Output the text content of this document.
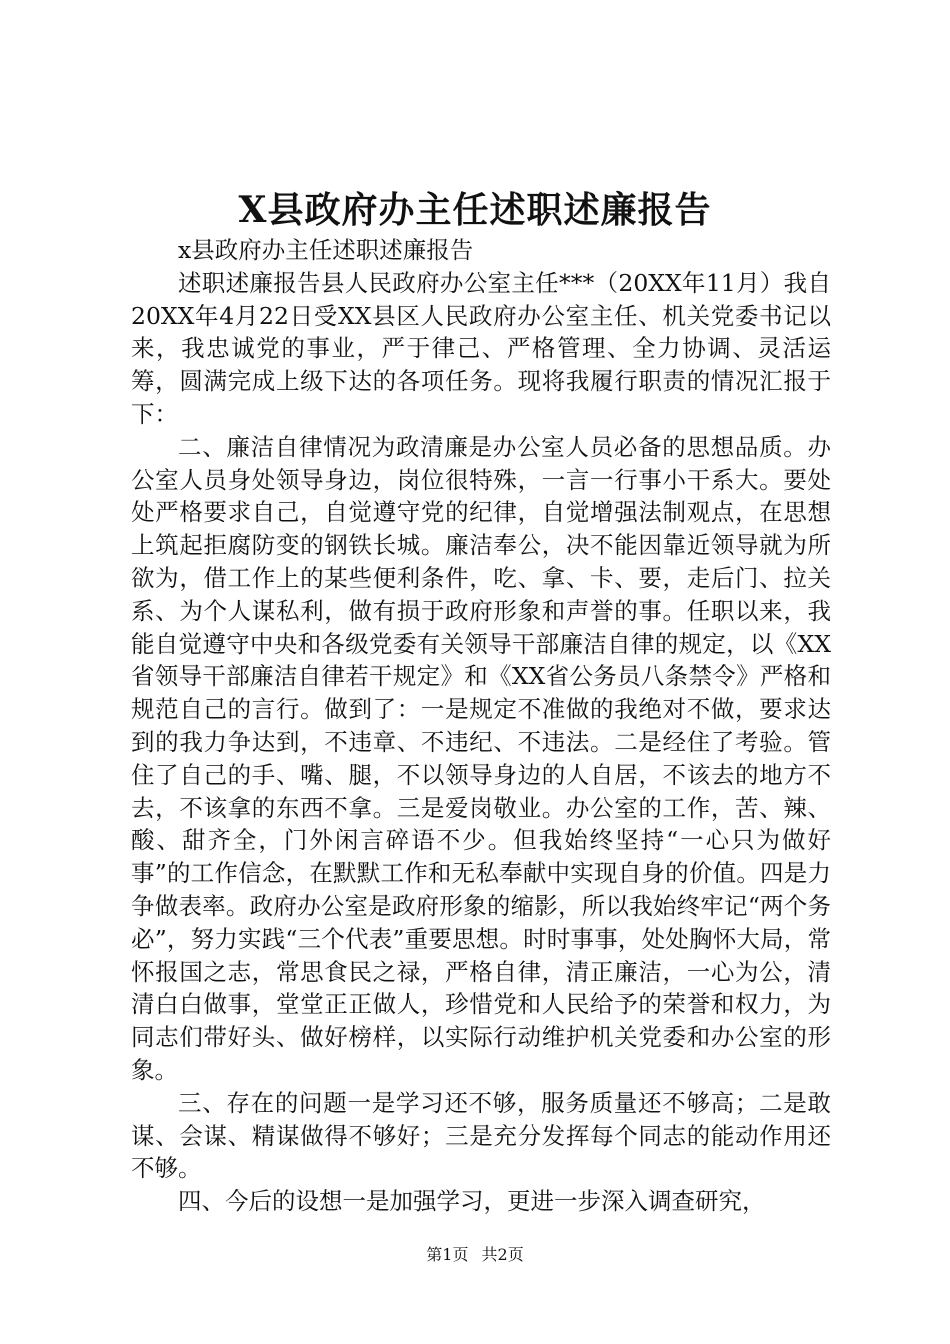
X县政府办主任述职述廉报告

x县政府办主任述职述廉报告

述职述廉报告县人民政府办公室主任***（20XX年11月）我自20XX年4月22日受XX县区人民政府办公室主任、机关党委书记以来，我忠诚党的事业，严于律己、严格管理、全力协调、灵活运筹，圆满完成上级下达的各项任务。现将我履行职责的情况汇报于下：

二、廉洁自律情况为政清廉是办公室人员必备的思想品质。办公室人员身处领导身边，岗位很特殊，一言一行事小干系大。要处处严格要求自己，自觉遵守党的纪律，自觉增强法制观点，在思想上筑起拒腐防变的钢铁长城。廉洁奉公，决不能因靠近领导就为所欲为，借工作上的某些便利条件，吃、拿、卡、要，走后门、拉关系、为个人谋私利，做有损于政府形象和声誉的事。任职以来，我能自觉遵守中央和各级党委有关领导干部廉洁自律的规定，以《XX省领导干部廉洁自律若干规定》和《XX省公务员八条禁令》严格和规范自己的言行。做到了：一是规定不准做的我绝对不做，要求达到的我力争达到，不违章、不违纪、不违法。二是经住了考验。管住了自己的手、嘴、腿，不以领导身边的人自居，不该去的地方不去，不该拿的东西不拿。三是爱岗敬业。办公室的工作，苦、辣、酸、甜齐全，门外闲言碎语不少。但我始终坚持“一心只为做好事”的工作信念，在默默工作和无私奉献中实现自身的价值。四是力争做表率。政府办公室是政府形象的缩影，所以我始终牢记“两个务必”，努力实践“三个代表”重要思想。时时事事，处处胸怀大局，常怀报国之志，常思食民之禄，严格自律，清正廉洁，一心为公，清清白白做事，堂堂正正做人，珍惜党和人民给予的荣誉和权力，为同志们带好头、做好榜样，以实际行动维护机关党委和办公室的形象。

三、存在的问题一是学习还不够，服务质量还不够高；二是敢谋、会谋、精谋做得不够好；三是充分发挥每个同志的能动作用还不够。

四、今后的设想一是加强学习，更进一步深入调查研究，

第1页 共2页
